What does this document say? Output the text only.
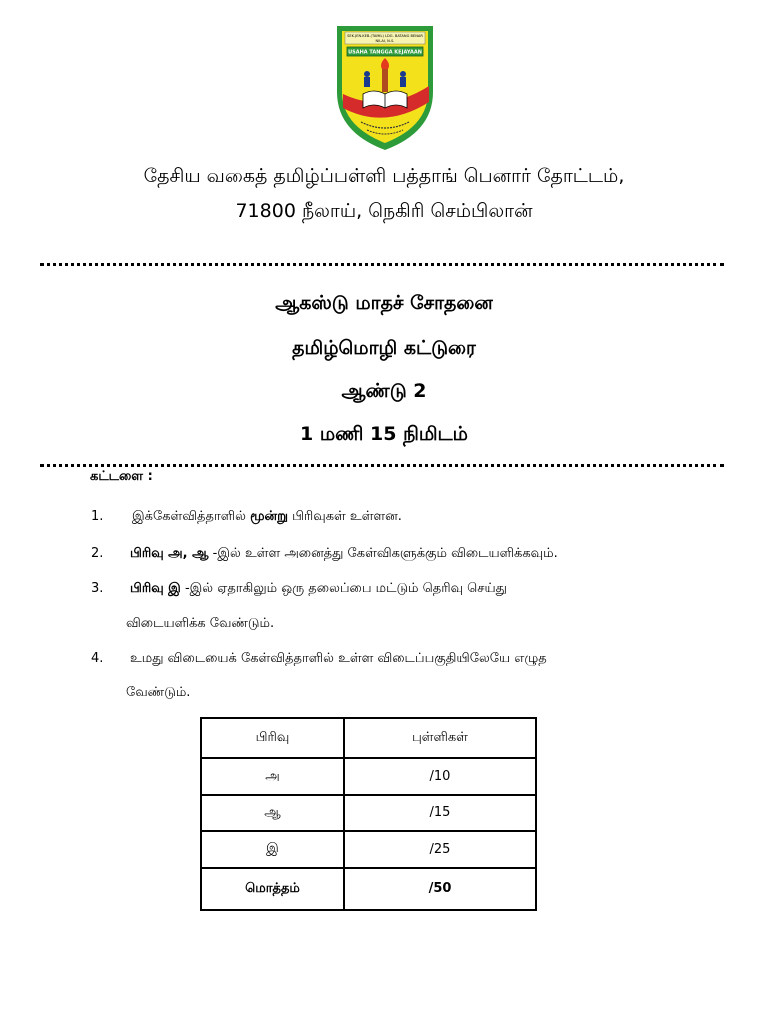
SEK.JEN.KEB.(TAMIL) LDG. BATANG BENAR
NILAI, N.S.
USAHA TANGGA KEJAYAAN
தேசிய வகைத் தமிழ்ப்பள்ளி பத்தாங் பெனார் தோட்டம்,
71800 நீலாய், நெகிரி செம்பிலான்
ஆகஸ்டு மாதச் சோதனை
தமிழ்மொழி கட்டுரை
ஆண்டு 2
1 மணி 15 நிமிடம்
கட்டளை :
1. இக்கேள்வித்தாளில் மூன்று பிரிவுகள் உள்ளன.
2. பிரிவு அ, ஆ -இல் உள்ள அனைத்து கேள்விகளுக்கும் விடையளிக்கவும்.
3. பிரிவு இ -இல் ஏதாகிலும் ஒரு தலைப்பை மட்டும் தெரிவு செய்து
விடையளிக்க வேண்டும்.
4. உமது விடையைக் கேள்வித்தாளில் உள்ள விடைப்பகுதியிலேயே எழுத
வேண்டும்.
பிரிவு	புள்ளிகள்
அ	/10
ஆ	/15
இ	/25
மொத்தம்	/50
